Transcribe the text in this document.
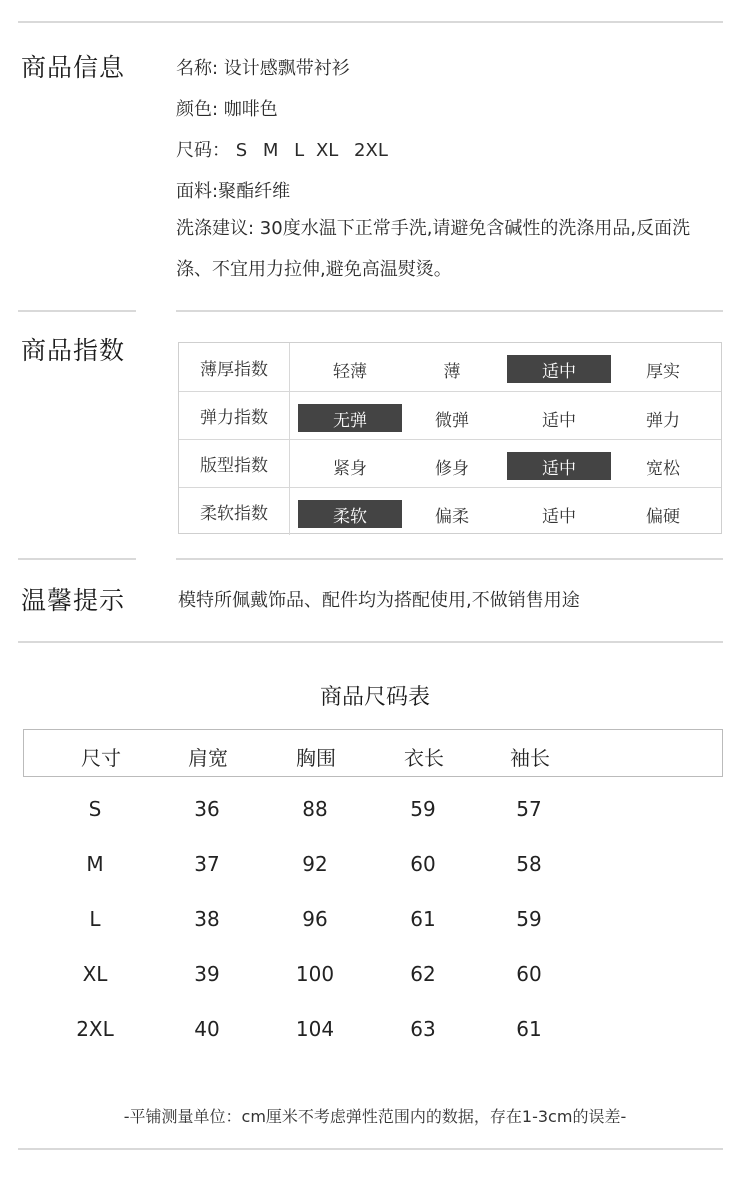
商品信息	名称: 设计感飘带衬衫
颜色: 咖啡色
尺码： S M L XL 2XL
面料:聚酯纤维
洗涤建议: 30度水温下正常手洗,请避免含碱性的洗涤用品,反面洗涤、不宜用力拉伸,避免高温熨烫。
商品指数
薄厚指数	轻薄	薄	适中	厚实
弹力指数	无弹	微弹	适中	弹力
版型指数	紧身	修身	适中	宽松
柔软指数	柔软	偏柔	适中	偏硬
温馨提示	模特所佩戴饰品、配件均为搭配使用,不做销售用途
商品尺码表
尺寸	肩宽	胸围	衣长	袖长
S	36	88	59	57
M	37	92	60	58
L	38	96	61	59
XL	39	100	62	60
2XL	40	104	63	61
-平铺测量单位：cm厘米不考虑弹性范围内的数据，存在1-3cm的误差-
